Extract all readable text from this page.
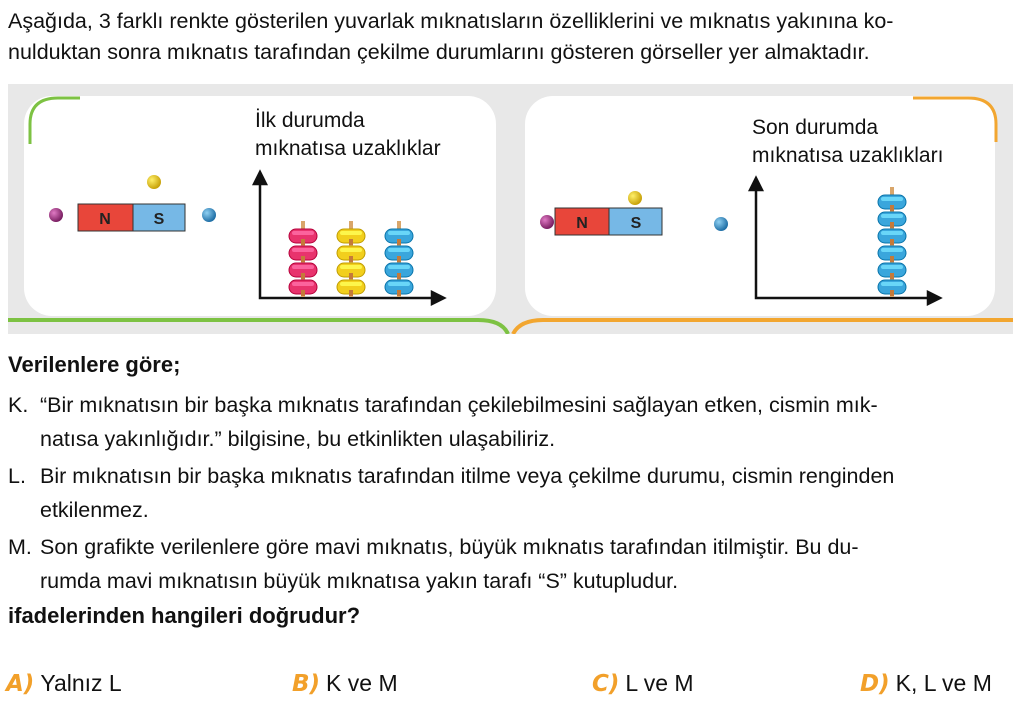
Aşağıda, 3 farklı renkte gösterilen yuvarlak mıknatısların özelliklerini ve mıknatıs yakınına ko-
nulduktan sonra mıknatıs tarafından çekilme durumlarını gösteren görseller yer almaktadır.

İlk durumda
mıknatısa uzaklıklar
N	S
Son durumda
mıknatısa uzaklıkları
N	S

Verilenlere göre;

K. “Bir mıknatısın bir başka mıknatıs tarafından çekilebilmesini sağlayan etken, cismin mık-
natısa yakınlığıdır.” bilgisine, bu etkinlikten ulaşabiliriz.
L. Bir mıknatısın bir başka mıknatıs tarafından itilme veya çekilme durumu, cismin renginden
etkilenmez.
M. Son grafikte verilenlere göre mavi mıknatıs, büyük mıknatıs tarafından itilmiştir. Bu du-
rumda mavi mıknatısın büyük mıknatısa yakın tarafı “S” kutupludur.

ifadelerinden hangileri doğrudur?

A) Yalnız L	B) K ve M	C) L ve M	D) K, L ve M
